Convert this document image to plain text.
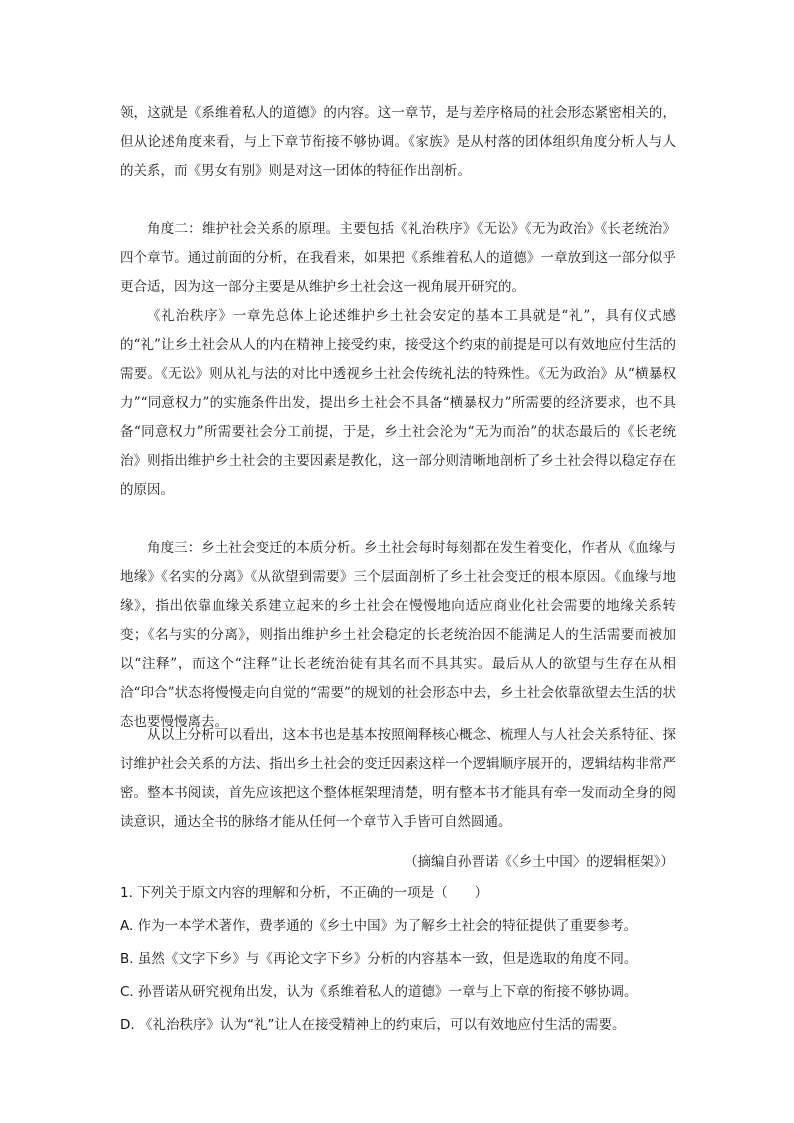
领，这就是《系维着私人的道德》的内容。这一章节，是与差序格局的社会形态紧密相关的，但从论述角度来看，与上下章节衔接不够协调。《家族》是从村落的团体组织角度分析人与人的关系，而《男女有别》则是对这一团体的特征作出剖析。

角度二：维护社会关系的原理。主要包括《礼治秩序》《无讼》《无为政治》《长老统治》四个章节。通过前面的分析，在我看来，如果把《系维着私人的道德》一章放到这一部分似乎更合适，因为这一部分主要是从维护乡土社会这一视角展开研究的。

《礼治秩序》一章先总体上论述维护乡土社会安定的基本工具就是“礼”，具有仪式感的“礼”让乡土社会从人的内在精神上接受约束，接受这个约束的前提是可以有效地应付生活的需要。《无讼》则从礼与法的对比中透视乡土社会传统礼法的特殊性。《无为政治》从“横暴权力”“同意权力”的实施条件出发，提出乡土社会不具备“横暴权力”所需要的经济要求，也不具备“同意权力”所需要社会分工前提，于是，乡土社会沦为“无为而治”的状态最后的《长老统治》则指出维护乡土社会的主要因素是教化，这一部分则清晰地剖析了乡土社会得以稳定存在的原因。

角度三：乡土社会变迁的本质分析。乡土社会每时每刻都在发生着变化，作者从《血缘与地缘》《名实的分离》《从欲望到需要》三个层面剖析了乡土社会变迁的根本原因。《血缘与地缘》，指出依靠血缘关系建立起来的乡土社会在慢慢地向适应商业化社会需要的地缘关系转变；《名与实的分离》，则指出维护乡土社会稳定的长老统治因不能满足人的生活需要而被加以“注释”，而这个“注释”让长老统治徒有其名而不具其实。最后从人的欲望与生存在从相洽“印合”状态将慢慢走向自觉的“需要”的规划的社会形态中去，乡土社会依靠欲望去生活的状态也要慢慢离去。

从以上分析可以看出，这本书也是基本按照阐释核心概念、梳理人与人社会关系特征、探讨维护社会关系的方法、指出乡土社会的变迁因素这样一个逻辑顺序展开的，逻辑结构非常严密。整本书阅读，首先应该把这个整体框架理清楚，明有整本书才能具有牵一发而动全身的阅读意识，通达全书的脉络才能从任何一个章节入手皆可自然圆通。

（摘编自孙晋诺《〈乡土中国〉的逻辑框架》）

1. 下列关于原文内容的理解和分析，不正确的一项是（　　）

A. 作为一本学术著作，费孝通的《乡土中国》为了解乡土社会的特征提供了重要参考。

B. 虽然《文字下乡》与《再论文字下乡》分析的内容基本一致，但是选取的角度不同。

C. 孙晋诺从研究视角出发，认为《系维着私人的道德》一章与上下章的衔接不够协调。

D. 《礼治秩序》认为“礼”让人在接受精神上的约束后，可以有效地应付生活的需要。
